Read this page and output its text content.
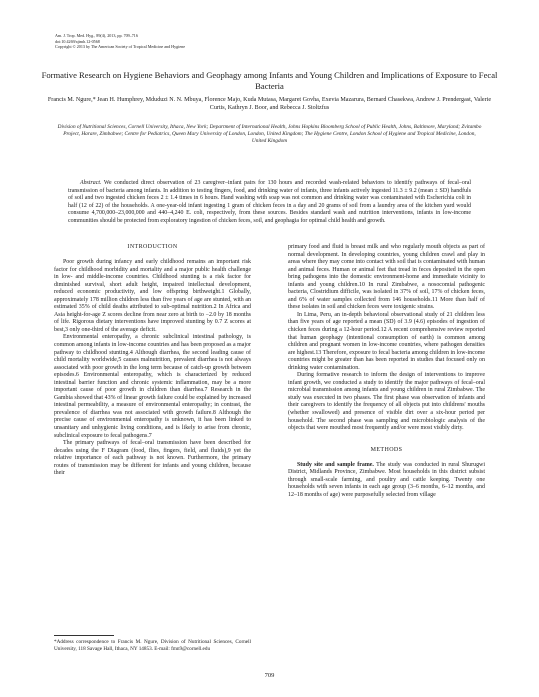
Am. J. Trop. Med. Hyg., 89(4), 2013, pp. 709–716
doi:10.4269/ajtmh.12-0568
Copyright © 2013 by The American Society of Tropical Medicine and Hygiene
Formative Research on Hygiene Behaviors and Geophagy among Infants and Young Children and Implications of Exposure to Fecal Bacteria
Francis M. Ngure,* Jean H. Humphrey, Mduduzi N. N. Mbuya, Florence Majo, Kuda Mutasa, Margaret Govha, Exevia Mazarura, Bernard Chasekwa, Andrew J. Prendergast, Valerie Curtis, Kathryn J. Boor, and Rebecca J. Stoltzfus
Division of Nutritional Sciences, Cornell University, Ithaca, New York; Department of International Health, Johns Hopkins Bloomberg School of Public Health, Johns, Baltimore, Maryland; Zvitambo Project, Harare, Zimbabwe; Centre for Pediatrics, Queen Mary University of London, London, United Kingdom; The Hygiene Centre, London School of Hygiene and Tropical Medicine, London, United Kingdom
Abstract. We conducted direct observation of 23 caregiver–infant pairs for 130 hours and recorded wash-related behaviors to identify pathways of fecal–oral transmission of bacteria among infants. In addition to testing fingers, food, and drinking water of infants, three infants actively ingested 11.3 ± 9.2 (mean ± SD) handfuls of soil and two ingested chicken feces 2 ± 1.4 times in 6 hours. Hand washing with soap was not common and drinking water was contaminated with Escherichia coli in half (12 of 22) of the households. A one-year-old infant ingesting 1 gram of chicken feces in a day and 20 grams of soil from a laundry area of the kitchen yard would consume 4,700,000–23,000,000 and 440–4,240 E. coli, respectively, from these sources. Besides standard wash and nutrition interventions, infants in low-income communities should be protected from exploratory ingestion of chicken feces, soil, and geophagia for optimal child health and growth.
INTRODUCTION

Poor growth during infancy and early childhood remains an important risk factor for childhood morbidity and mortality and a major public health challenge in low- and middle-income countries. Childhood stunting is a risk factor for diminished survival, short adult height, impaired intellectual development, reduced economic productivity, and low offspring birthweight.1 Globally, approximately 178 million children less than five years of age are stunted, with an estimated 35% of child deaths attributed to sub-optimal nutrition.2 In Africa and Asia height-for-age Z scores decline from near zero at birth to −2.0 by 18 months of life. Rigorous dietary interventions have improved stunting by 0.7 Z scores at best,3 only one-third of the average deficit.

Environmental enteropathy, a chronic subclinical intestinal pathology, is common among infants in low-income countries and has been proposed as a major pathway to childhood stunting.4 Although diarrhea, the second leading cause of child mortality worldwide,5 causes malnutrition, prevalent diarrhea is not always associated with poor growth in the long term because of catch-up growth between episodes.6 Environmental enteropathy, which is characterized by reduced intestinal barrier function and chronic systemic inflammation, may be a more important cause of poor growth in children than diarrhea.7 Research in the Gambia showed that 43% of linear growth failure could be explained by increased intestinal permeability, a measure of environmental enteropathy; in contrast, the prevalence of diarrhea was not associated with growth failure.8 Although the precise cause of environmental enteropathy is unknown, it has been linked to unsanitary and unhygienic living conditions, and is likely to arise from chronic, subclinical exposure to fecal pathogens.7

The primary pathways of fecal–oral transmission have been described for decades using the F Diagram (food, flies, fingers, field, and fluids),9 yet the relative importance of each pathway is not known. Furthermore, the primary routes of transmission may be different for infants and young children, because their

primary food and fluid is breast milk and who regularly mouth objects as part of normal development. In developing countries, young children crawl and play in areas where they may come into contact with soil that is contaminated with human and animal feces. Human or animal feet that tread in feces deposited in the open bring pathogens into the domestic environment-home and immediate vicinity to infants and young children.10 In rural Zimbabwe, a nosocomial pathogenic bacteria, Clostridium difficile, was isolated in 37% of soil, 17% of chicken feces, and 6% of water samples collected from 146 households.11 More than half of these isolates in soil and chicken feces were toxigenic strains.

In Lima, Peru, an in-depth behavioral observational study of 21 children less than five years of age reported a mean (SD) of 3.9 (4.6) episodes of ingestion of chicken feces during a 12-hour period.12 A recent comprehensive review reported that human geophagy (intentional consumption of earth) is common among children and pregnant women in low-income countries, where pathogen densities are highest.13 Therefore, exposure to fecal bacteria among children in low-income countries might be greater than has been reported in studies that focused only on drinking water contamination.

During formative research to inform the design of interventions to improve infant growth, we conducted a study to identify the major pathways of fecal–oral microbial transmission among infants and young children in rural Zimbabwe. The study was executed in two phases. The first phase was observation of infants and their caregivers to identify the frequency of all objects put into childrens' mouths (whether swallowed) and presence of visible dirt over a six-hour period per household. The second phase was sampling and microbiologic analysis of the objects that were mouthed most frequently and/or were most visibly dirty.

METHODS

Study site and sample frame. The study was conducted in rural Shurugwi District, Midlands Province, Zimbabwe. Most households in this district subsist through small-scale farming, and poultry and cattle keeping. Twenty one households with seven infants in each age group (3–6 months, 6–12 months, and 12–18 months of age) were purposefully selected from village

*Address correspondence to Francis M. Ngure, Division of Nutritional Sciences, Cornell University, 118 Savage Hall, Ithaca, NY 14853. E-mail: fmn9@cornell.edu
709
